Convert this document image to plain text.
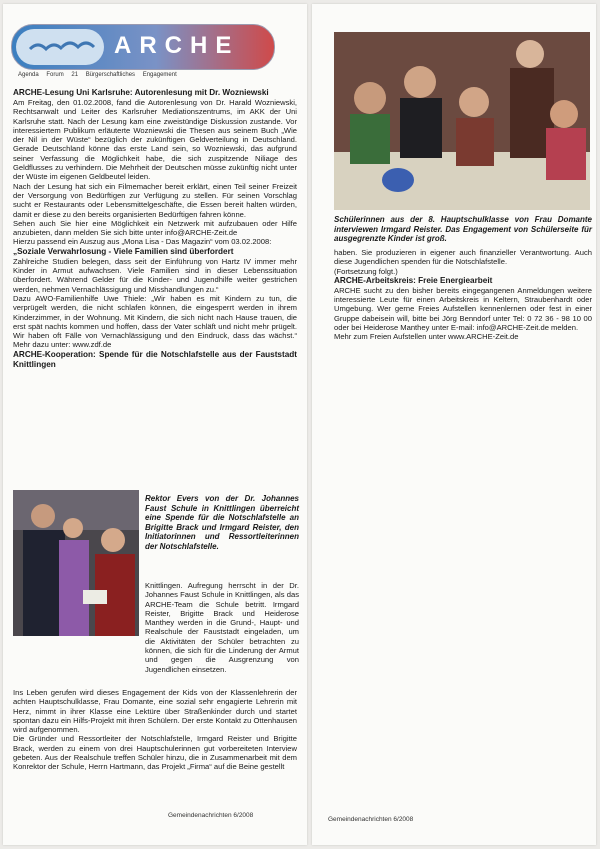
ARCHE
Agenda Forum 21 Bürgerschaftliches Engagement
ARCHE-Lesung Uni Karlsruhe: Autorenlesung mit Dr. Wozniewski

Am Freitag, den 01.02.2008, fand die Autorenlesung von Dr. Harald Wozniewski, Rechtsanwalt und Leiter des Karlsruher Mediationszentrums, im AKK der Uni Karlsruhe statt. Nach der Lesung kam eine zweistündige Diskussion zustande. Vor interessiertem Publikum erläuterte Wozniewski die Thesen aus seinem Buch „Wie der Nil in der Wüste“ bezüglich der zukünftigen Geldverteilung in Deutschland. Gerade Deutschland könne das erste Land sein, so Wozniewski, das aufgrund seiner Verfassung die Möglichkeit habe, die sich zuspitzende Niliage des Geldflusses zu verhindern. Die Mehrheit der Deutschen müsse zukünftig nicht unter der Wüste im eigenen Geldbeutel leiden.

Nach der Lesung hat sich ein Filmemacher bereit erklärt, einen Teil seiner Freizeit der Versorgung von Bedürftigen zur Verfügung zu stellen. Für seinen Vorschlag sucht er Restaurants oder Lebensmittelgeschäfte, die Essen bereit halten würden, damit er diese zu den bereits organisierten Bedürftigen fahren könne.

Sehen auch Sie hier eine Möglichkeit ein Netzwerk mit aufzubauen oder Hilfe anzubieten, dann melden Sie sich bitte unter info@ARCHE-Zeit.de

Hierzu passend ein Auszug aus „Mona Lisa - Das Magazin“ vom 03.02.2008:

„Soziale Verwahrlosung - Viele Familien sind überfordert

Zahlreiche Studien belegen, dass seit der Einführung von Hartz IV immer mehr Kinder in Armut aufwachsen. Viele Familien sind in dieser Lebenssituation überfordert. Während Gelder für die Kinder- und Jugendhilfe weiter gestrichen werden, nehmen Vernachlässigung und Misshandlungen zu.“

Dazu AWO-Familienhilfe Uwe Thiele: „Wir haben es mit Kindern zu tun, die verprügelt werden, die nicht schlafen können, die eingesperrt werden in ihrem Kinderzimmer, in der Wohnung. Mit Kindern, die sich nicht nach Hause trauen, die erst spät nachts kommen und hoffen, dass der Vater schläft und nicht mehr prügelt. Wir haben oft Fälle von Vernachlässigung und den Eindruck, dass das wächst.“ Mehr dazu unter: www.zdf.de

ARCHE-Kooperation: Spende für die Notschlafstelle aus der Fauststadt Knittlingen
Rektor Evers von der Dr. Johannes Faust Schule in Knittlingen überreicht eine Spende für die Notschlafstelle an Brigitte Brack und Irmgard Reister, den Initiatorinnen und Ressortleiterinnen der Notschlafstelle.

Knittlingen. Aufregung herrscht in der Dr. Johannes Faust Schule in Knittlingen, als das ARCHE-Team die Schule betritt. Irmgard Reister, Brigitte Brack und Heiderose Manthey werden in die Grund-, Haupt- und Realschule der Fauststadt eingeladen, um die Aktivitäten der Schüler betrachten zu können, die sich für die Linderung der Armut und gegen die Ausgrenzung von Jugendlichen einsetzen.

Ins Leben gerufen wird dieses Engagement der Kids von der Klassenlehrerin der achten Hauptschulklasse, Frau Domante, eine sozial sehr engagierte Lehrerin mit Herz, nimmt in ihrer Klasse eine Lektüre über Straßenkinder durch und startet spontan dazu ein Hilfs-Projekt mit ihren Schülern. Der erste Kontakt zu Ottenhausen wird aufgenommen.

Die Gründer und Ressortleiter der Notschlafstelle, Irmgard Reister und Brigitte Brack, werden zu einem von drei Hauptschulerinnen gut vorbereiteten Interview gebeten. Aus der Realschule treffen Schüler hinzu, die in Zusammenarbeit mit dem Konrektor der Schule, Herrn Hartmann, das Projekt „Firma“ auf die Beine gestellt

Gemeindenachrichten 6/2008
Schülerinnen aus der 8. Hauptschulklasse von Frau Domante interviewen Irmgard Reister. Das Engagement von Schülerseite für ausgegrenzte Kinder ist groß.

haben. Sie produzieren in eigener auch finanzieller Verantwortung. Auch diese Jugendlichen spenden für die Notschlafstelle.

(Fortsetzung folgt.)

ARCHE-Arbeitskreis: Freie Energiearbeit

ARCHE sucht zu den bisher bereits eingegangenen Anmeldungen weitere interessierte Leute für einen Arbeitskreis in Keltern, Straubenhardt oder Umgebung. Wer gerne Freies Aufstellen kennenlernen oder fest in einer Gruppe dabeisein will, bitte bei Jörg Benndorf unter Tel: 0 72 36 - 98 10 00 oder bei Heiderose Manthey unter E-mail: info@ARCHE-Zeit.de melden.

Mehr zum Freien Aufstellen unter www.ARCHE-Zeit.de

Gemeindenachrichten 6/2008
